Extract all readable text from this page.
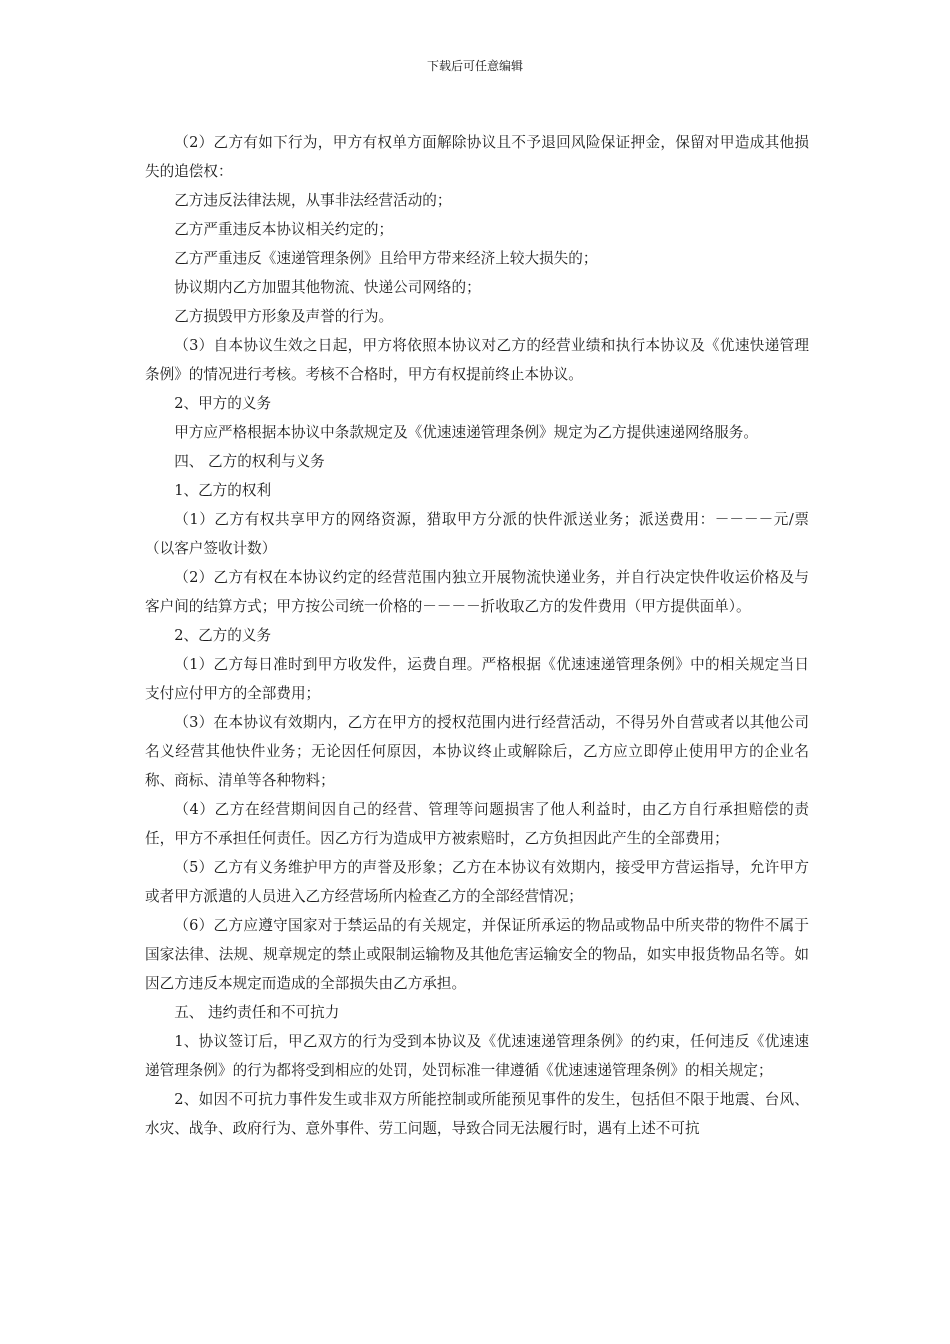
下载后可任意编辑

（2）乙方有如下行为，甲方有权单方面解除协议且不予退回风险保证押金，保留对甲造成其他损失的追偿权：

乙方违反法律法规，从事非法经营活动的；

乙方严重违反本协议相关约定的；

乙方严重违反《速递管理条例》且给甲方带来经济上较大损失的；

协议期内乙方加盟其他物流、快递公司网络的；

乙方损毁甲方形象及声誉的行为。

（3）自本协议生效之日起，甲方将依照本协议对乙方的经营业绩和执行本协议及《优速快递管理条例》的情况进行考核。考核不合格时，甲方有权提前终止本协议。

2、甲方的义务

甲方应严格根据本协议中条款规定及《优速速递管理条例》规定为乙方提供速递网络服务。

四、 乙方的权利与义务

1、乙方的权利

（1）乙方有权共享甲方的网络资源，猎取甲方分派的快件派送业务；派送费用：－－－－元/票（以客户签收计数）

（2）乙方有权在本协议约定的经营范围内独立开展物流快递业务，并自行决定快件收运价格及与客户间的结算方式；甲方按公司统一价格的－－－－折收取乙方的发件费用（甲方提供面单）。

2、乙方的义务

（1）乙方每日准时到甲方收发件，运费自理。严格根据《优速速递管理条例》中的相关规定当日支付应付甲方的全部费用；

（3）在本协议有效期内，乙方在甲方的授权范围内进行经营活动，不得另外自营或者以其他公司名义经营其他快件业务；无论因任何原因，本协议终止或解除后，乙方应立即停止使用甲方的企业名称、商标、清单等各种物料；

（4）乙方在经营期间因自己的经营、管理等问题损害了他人利益时，由乙方自行承担赔偿的责任，甲方不承担任何责任。因乙方行为造成甲方被索赔时，乙方负担因此产生的全部费用；

（5）乙方有义务维护甲方的声誉及形象；乙方在本协议有效期内，接受甲方营运指导，允许甲方或者甲方派遣的人员进入乙方经营场所内检查乙方的全部经营情况；

（6）乙方应遵守国家对于禁运品的有关规定，并保证所承运的物品或物品中所夹带的物件不属于国家法律、法规、规章规定的禁止或限制运输物及其他危害运输安全的物品，如实申报货物品名等。如因乙方违反本规定而造成的全部损失由乙方承担。

五、 违约责任和不可抗力

1、协议签订后，甲乙双方的行为受到本协议及《优速速递管理条例》的约束，任何违反《优速速递管理条例》的行为都将受到相应的处罚，处罚标准一律遵循《优速速递管理条例》的相关规定；

2、如因不可抗力事件发生或非双方所能控制或所能预见事件的发生，包括但不限于地震、台风、水灾、战争、政府行为、意外事件、劳工问题，导致合同无法履行时，遇有上述不可抗
